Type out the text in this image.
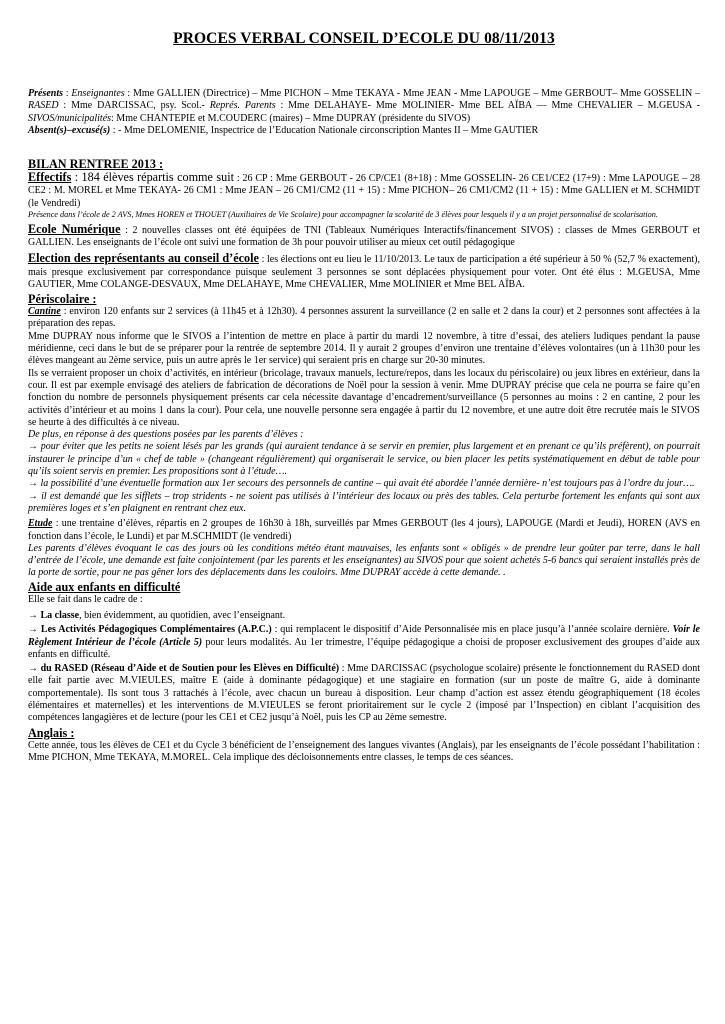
PROCES VERBAL CONSEIL D’ECOLE DU 08/11/2013

Présents : Enseignantes : Mme GALLIEN (Directrice) – Mme PICHON – Mme TEKAYA - Mme JEAN - Mme LAPOUGE – Mme GERBOUT– Mme GOSSELIN – RASED : Mme DARCISSAC, psy. Scol.- Représ. Parents : Mme DELAHAYE- Mme MOLINIER- Mme BEL AÏBA — Mme CHEVALIER – M.GEUSA - SIVOS/municipalités: Mme CHANTEPIE et M.COUDERC (maires) – Mme DUPRAY (présidente du SIVOS)

Absent(s)–excusé(s) : - Mme DELOMENIE, Inspectrice de l’Education Nationale circonscription Mantes II – Mme GAUTIER

BILAN RENTREE 2013 :

Effectifs : 184 élèves répartis comme suit : 26 CP : Mme GERBOUT - 26 CP/CE1 (8+18) : Mme GOSSELIN- 26 CE1/CE2 (17+9) : Mme LAPOUGE – 28 CE2 : M. MOREL et Mme TEKAYA- 26 CM1 : Mme JEAN – 26 CM1/CM2 (11 + 15) : Mme PICHON– 26 CM1/CM2 (11 + 15) : Mme GALLIEN et M. SCHMIDT (le Vendredi)

Présence dans l’école de 2 AVS, Mmes HOREN et THOUET (Auxiliaires de Vie Scolaire) pour accompagner la scolarité de 3 élèves pour lesquels il y a un projet personnalisé de scolarisation.

Ecole Numérique : 2 nouvelles classes ont été équipées de TNI (Tableaux Numériques Interactifs/financement SIVOS) : classes de Mmes GERBOUT et GALLIEN. Les enseignants de l’école ont suivi une formation de 3h pour pouvoir utiliser au mieux cet outil pédagogique

Election des représentants au conseil d’école : les élections ont eu lieu le 11/10/2013. Le taux de participation a été supérieur à 50 % (52,7 % exactement), mais presque exclusivement par correspondance puisque seulement 3 personnes se sont déplacées physiquement pour voter. Ont été élus : M.GEUSA, Mme GAUTIER, Mme COLANGE-DESVAUX, Mme DELAHAYE, Mme CHEVALIER, Mme MOLINIER et Mme BEL AÏBA.

Périscolaire :

Cantine : environ 120 enfants sur 2 services (à 11h45 et à 12h30). 4 personnes assurent la surveillance (2 en salle et 2 dans la cour) et 2 personnes sont affectées à la préparation des repas.

Mme DUPRAY nous informe que le SIVOS a l’intention de mettre en place à partir du mardi 12 novembre, à titre d’essai, des ateliers ludiques pendant la pause méridienne, ceci dans le but de se préparer pour la rentrée de septembre 2014. Il y aurait 2 groupes d’environ une trentaine d’élèves volontaires (un à 11h30 pour les élèves mangeant au 2ème service, puis un autre après le 1er service) qui seraient pris en charge sur 20-30 minutes.

Ils se verraient proposer un choix d’activités, en intérieur (bricolage, travaux manuels, lecture/repos, dans les locaux du périscolaire) ou jeux libres en extérieur, dans la cour. Il est par exemple envisagé des ateliers de fabrication de décorations de Noël pour la session à venir. Mme DUPRAY précise que cela ne pourra se faire qu’en fonction du nombre de personnels physiquement présents car cela nécessite davantage d’encadrement/surveillance (5 personnes au moins : 2 en cantine, 2 pour les activités d’intérieur et au moins 1 dans la cour). Pour cela, une nouvelle personne sera engagée à partir du 12 novembre, et une autre doit être recrutée mais le SIVOS se heurte à des difficultés à ce niveau.

De plus, en réponse à des questions posées par les parents d’élèves :

→ pour éviter que les petits ne soient lésés par les grands (qui auraient tendance à se servir en premier, plus largement et en prenant ce qu’ils préfèrent), on pourrait instaurer le principe d’un « chef de table » (changeant régulièrement) qui organiserait le service, ou bien placer les petits systématiquement en début de table pour qu’ils soient servis en premier. Les propositions sont à l’étude….

→ la possibilité d’une éventuelle formation aux 1er secours des personnels de cantine – qui avait été abordée l’année dernière- n’est toujours pas à l’ordre du jour….

→ il est demandé que les sifflets – trop stridents - ne soient pas utilisés à l’intérieur des locaux ou près des tables. Cela perturbe fortement les enfants qui sont aux premières loges et s’en plaignent en rentrant chez eux.

Etude : une trentaine d’élèves, répartis en 2 groupes de 16h30 à 18h, surveillés par Mmes GERBOUT (les 4 jours), LAPOUGE (Mardi et Jeudi), HOREN (AVS en fonction dans l’école, le Lundi) et par M.SCHMIDT (le vendredi)

Les parents d’élèves évoquant le cas des jours où les conditions météo étant mauvaises, les enfants sont « obligés » de prendre leur goûter par terre, dans le hall d’entrée de l’école, une demande est faite conjointement (par les parents et les enseignantes) au SIVOS pour que soient achetés 5-6 bancs qui seraient installés près de la porte de sortie, pour ne pas gêner lors des déplacements dans les couloirs. Mme DUPRAY accède à cette demande. .

Aide aux enfants en difficulté

Elle se fait dans le cadre de :

→ La classe, bien évidemment, au quotidien, avec l’enseignant.

→ Les Activités Pédagogiques Complémentaires (A.P.C.) : qui remplacent le dispositif d’Aide Personnalisée mis en place jusqu’à l’année scolaire dernière. Voir le Règlement Intérieur de l’école (Article 5) pour leurs modalités. Au 1er trimestre, l’équipe pédagogique a choisi de proposer exclusivement des groupes d’aide aux enfants en difficulté.

→ du RASED (Réseau d’Aide et de Soutien pour les Elèves en Difficulté) : Mme DARCISSAC (psychologue scolaire) présente le fonctionnement du RASED dont elle fait partie avec M.VIEULES, maître E (aide à dominante pédagogique) et une stagiaire en formation (sur un poste de maître G, aide à dominante comportementale). Ils sont tous 3 rattachés à l’école, avec chacun un bureau à disposition. Leur champ d’action est assez étendu géographiquement (18 écoles élémentaires et maternelles) et les interventions de M.VIEULES se feront prioritairement sur le cycle 2 (imposé par l’Inspection) en ciblant l’acquisition des compétences langagières et de lecture (pour les CE1 et CE2 jusqu’à Noël, puis les CP au 2ème semestre.

Anglais :

Cette année, tous les élèves de CE1 et du Cycle 3 bénéficient de l’enseignement des langues vivantes (Anglais), par les enseignants de l’école possédant l’habilitation : Mme PICHON, Mme TEKAYA, M.MOREL. Cela implique des décloisonnements entre classes, le temps de ces séances.
